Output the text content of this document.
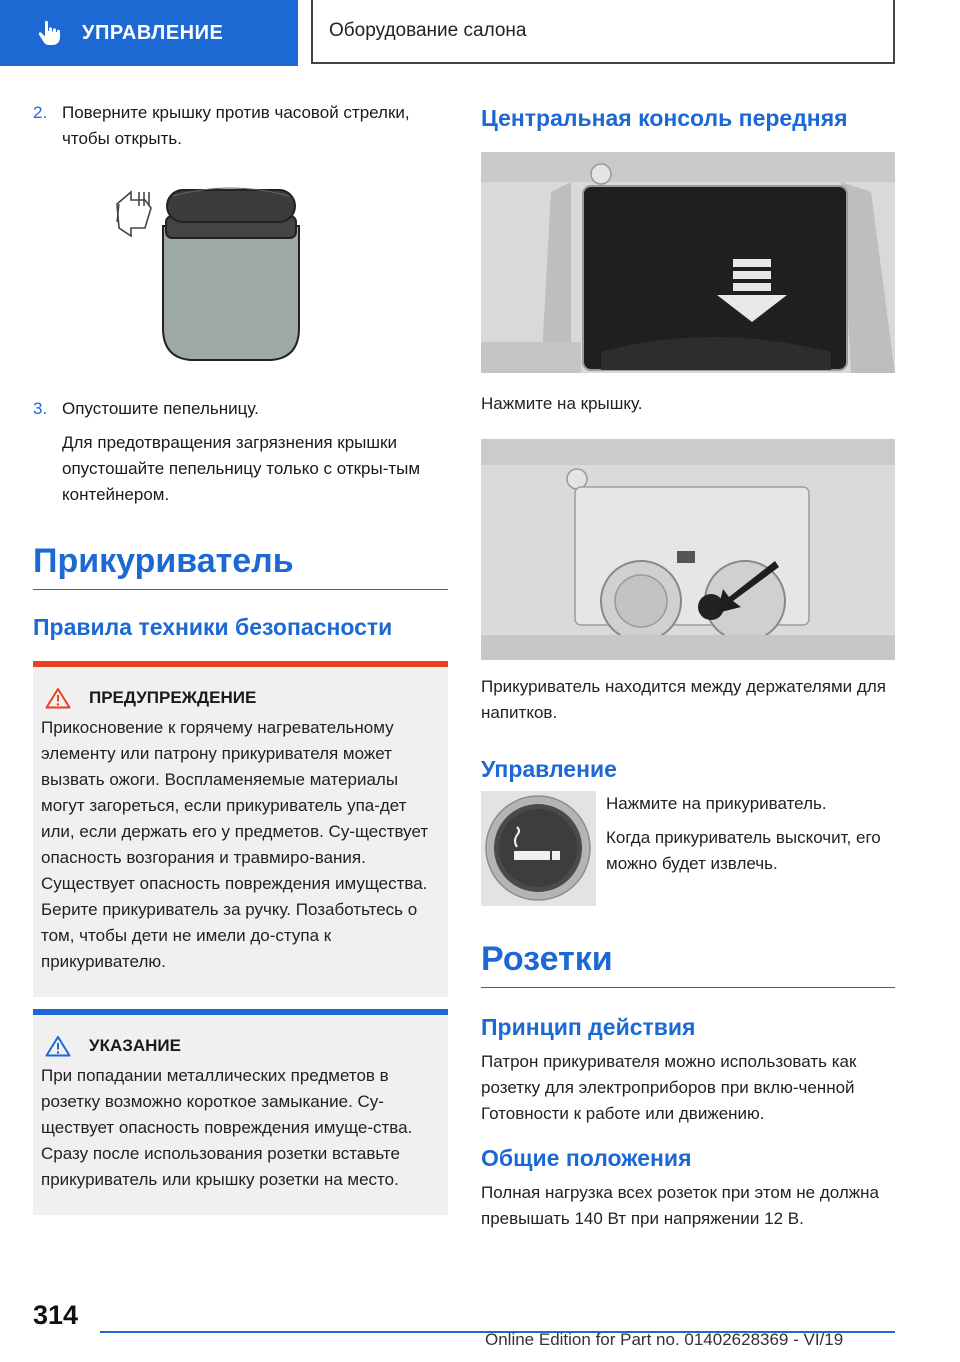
УПРАВЛЕНИЕ	Оборудование салона
2. Поверните крышку против часовой стрелки, чтобы открыть.
3. Опустошите пепельницу.
Для предотвращения загрязнения крышки опустошайте пепельницу только с откры-тым контейнером.
Прикуриватель
Правила техники безопасности
ПРЕДУПРЕЖДЕНИЕ

Прикосновение к горячему нагревательному элементу или патрону прикуривателя может вызвать ожоги. Воспламеняемые материалы могут загореться, если прикуриватель упа-дет или, если держать его у предметов. Су-ществует опасность возгорания и травмиро-вания. Существует опасность повреждения имущества. Берите прикуриватель за ручку. Позаботьтесь о том, чтобы дети не имели до-ступа к прикуривателю.

УКАЗАНИЕ

При попадании металлических предметов в розетку возможно короткое замыкание. Су-ществует опасность повреждения имуще-ства. Сразу после использования розетки вставьте прикуриватель или крышку розетки на место.

Центральная консоль передняя

Нажмите на крышку.

Прикуриватель находится между держателями для напитков.

Управление

Нажмите на прикуриватель.

Когда прикуриватель выскочит, его можно будет извлечь.

Розетки
Принцип действия

Патрон прикуривателя можно использовать как розетку для электроприборов при вклю-ченной Готовности к работе или движению.

Общие положения

Полная нагрузка всех розеток при этом не должна превышать 140 Вт при напряжении 12 В.

314
Online Edition for Part no. 01402628369 - VI/19
